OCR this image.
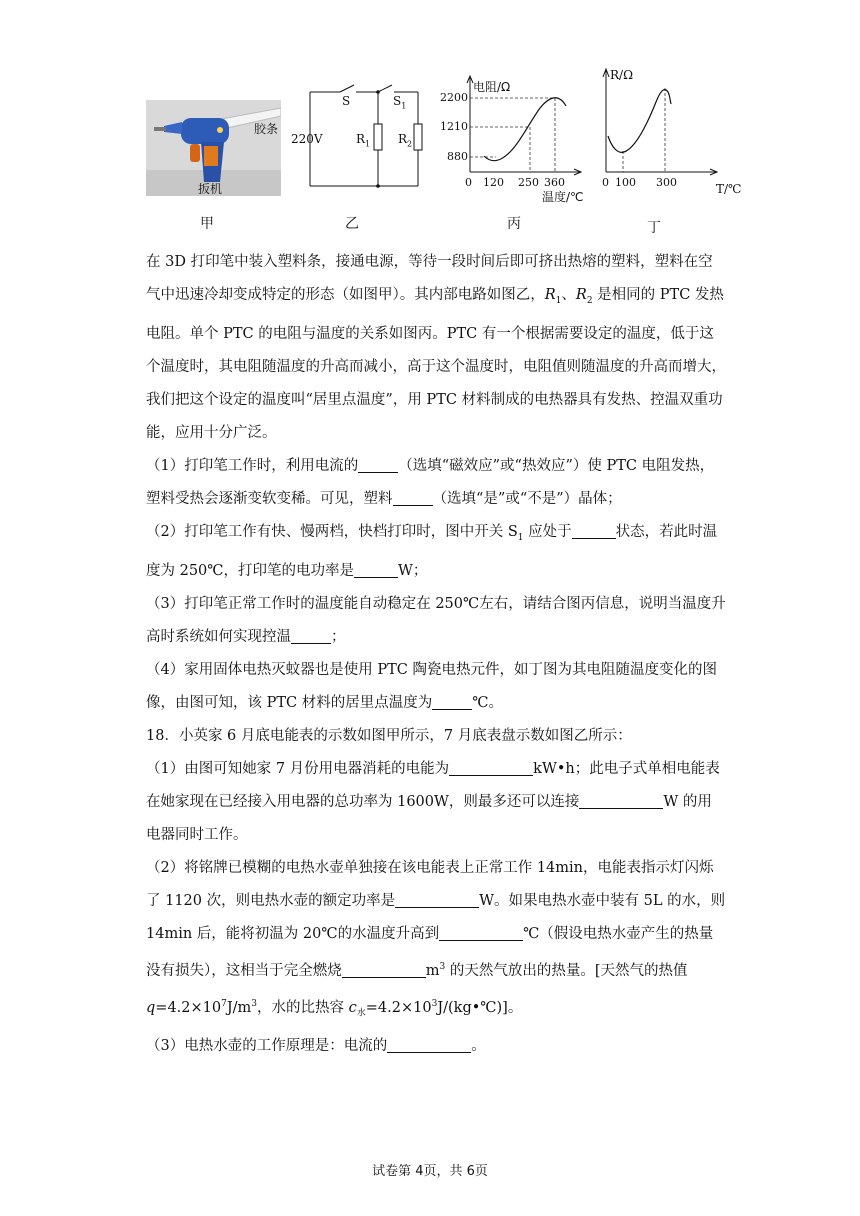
胶条
扳机
甲
220V
S	$S_1$
$R_1$ $R_2$
乙
电阻/Ω
2200
1210
880
0 120 250 360
温度/℃
丙
R/Ω
0 100 300	T/℃
丁

在 3D 打印笔中装入塑料条，接通电源，等待一段时间后即可挤出热熔的塑料，塑料在空气中迅速冷却变成特定的形态（如图甲）。其内部电路如图乙，$R_1$、$R_2$ 是相同的 PTC 发热电阻。单个 PTC 的电阻与温度的关系如图丙。PTC 有一个根据需要设定的温度，低于这个温度时，其电阻随温度的升高而减小，高于这个温度时，电阻值则随温度的升高而增大，我们把这个设定的温度叫“居里点温度”，用 PTC 材料制成的电热器具有发热、控温双重功能，应用十分广泛。

（1）打印笔工作时，利用电流的	（选填“磁效应”或“热效应”）使 PTC 电阻发热，塑料受热会逐渐变软变稀。可见，塑料	（选填“是”或“不是”）晶体；

（2）打印笔工作有快、慢两档，快档打印时，图中开关 $S_1$ 应处于	状态，若此时温度为 250℃，打印笔的电功率是	W；

（3）打印笔正常工作时的温度能自动稳定在 250℃左右，请结合图丙信息，说明当温度升高时系统如何实现控温	；

（4）家用固体电热灭蚊器也是使用 PTC 陶瓷电热元件，如丁图为其电阻随温度变化的图像，由图可知，该 PTC 材料的居里点温度为	℃。

18．小英家 6 月底电能表的示数如图甲所示，7 月底表盘示数如图乙所示：

（1）由图可知她家 7 月份用电器消耗的电能为	kW•h；此电子式单相电能表在她家现在已经接入用电器的总功率为 1600W，则最多还可以连接	W 的用电器同时工作。

（2）将铭牌已模糊的电热水壶单独接在该电能表上正常工作 14min，电能表指示灯闪烁了 1120 次，则电热水壶的额定功率是	W。如果电热水壶中装有 5L 的水，则 14min 后，能将初温为 20℃的水温度升高到	℃（假设电热水壶产生的热量没有损失），这相当于完全燃烧	$m^3$ 的天然气放出的热量。[天然气的热值 $q=4.2\times 10^7J/m^3$，水的比热容 $c_水=4.2\times 10^3J/(kg•℃)$]。

（3）电热水壶的工作原理是：电流的	。

试卷第 4页，共 6页
